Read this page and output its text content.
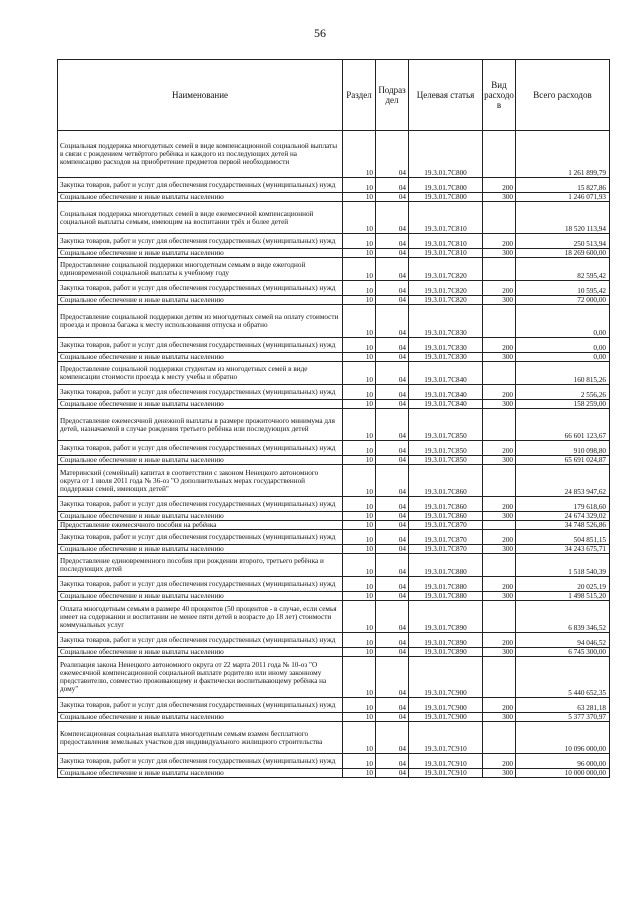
56
Наименование	Раздел	Подраз дел	Целевая статья	Вид расходо в	Всего расходов
Социальная поддержка многодетных семей в виде компенсационной социальной выплаты в связи с рождением четвёртого ребёнка и каждого из последующих детей на компенсацию расходов на приобретение предметов первой необходимости	10	04	19.3.01.7С800		1 261 899,79
Закупка товаров, работ и услуг для обеспечения государственных (муниципальных) нужд	10	04	19.3.01.7С800	200	15 827,86
Социальное обеспечение и иные выплаты населению	10	04	19.3.01.7С800	300	1 246 071,93
Социальная поддержка многодетных семей в виде ежемесячной компенсационной социальной выплаты семьям, имеющим на воспитании трёх и более детей	10	04	19.3.01.7С810		18 520 113,94
Закупка товаров, работ и услуг для обеспечения государственных (муниципальных) нужд	10	04	19.3.01.7С810	200	250 513,94
Социальное обеспечение и иные выплаты населению	10	04	19.3.01.7С810	300	18 269 600,00
Предоставление социальной поддержки многодетным семьям в виде ежегодной единовременной социальной выплаты к учебному году	10	04	19.3.01.7С820		82 595,42
Закупка товаров, работ и услуг для обеспечения государственных (муниципальных) нужд	10	04	19.3.01.7С820	200	10 595,42
Социальное обеспечение и иные выплаты населению	10	04	19.3.01.7С820	300	72 000,00
Предоставление социальной поддержки детям из многодетных семей на оплату стоимости проезда и провоза багажа к месту использования отпуска и обратно	10	04	19.3.01.7С830		0,00
Закупка товаров, работ и услуг для обеспечения государственных (муниципальных) нужд	10	04	19.3.01.7С830	200	0,00
Социальное обеспечение и иные выплаты населению	10	04	19.3.01.7С830	300	0,00
Предоставление социальной поддержки студентам из многодетных семей в виде компенсации стоимости проезда к месту учебы и обратно	10	04	19.3.01.7С840		160 815,26
Закупка товаров, работ и услуг для обеспечения государственных (муниципальных) нужд	10	04	19.3.01.7С840	200	2 556,26
Социальное обеспечение и иные выплаты населению	10	04	19.3.01.7С840	300	158 259,00
Предоставление ежемесячной денежной выплаты в размере прожиточного минимума для детей, назначаемой в случае рождения третьего ребёнка или последующих детей	10	04	19.3.01.7С850		66 601 123,67
Закупка товаров, работ и услуг для обеспечения государственных (муниципальных) нужд	10	04	19.3.01.7С850	200	910 098,80
Социальное обеспечение и иные выплаты населению	10	04	19.3.01.7С850	300	65 691 024,87
Материнский (семейный) капитал в соответствии с законом Ненецкого автономного округа от 1 июля 2011 года № 36-оз "О дополнительных мерах государственной поддержки семей, имеющих детей"	10	04	19.3.01.7С860		24 853 947,62
Закупка товаров, работ и услуг для обеспечения государственных (муниципальных) нужд	10	04	19.3.01.7С860	200	179 618,60
Социальное обеспечение и иные выплаты населению	10	04	19.3.01.7С860	300	24 674 329,02
Предоставление ежемесячного пособия на ребёнка	10	04	19.3.01.7С870		34 748 526,86
Закупка товаров, работ и услуг для обеспечения государственных (муниципальных) нужд	10	04	19.3.01.7С870	200	504 851,15
Социальное обеспечение и иные выплаты населению	10	04	19.3.01.7С870	300	34 243 675,71
Предоставление единовременного пособия при рождении второго, третьего ребёнка и последующих детей	10	04	19.3.01.7С880		1 518 540,39
Закупка товаров, работ и услуг для обеспечения государственных (муниципальных) нужд	10	04	19.3.01.7С880	200	20 025,19
Социальное обеспечение и иные выплаты населению	10	04	19.3.01.7С880	300	1 498 515,20
Оплата многодетным семьям в размере 40 процентов (50 процентов - в случае, если семья имеет на содержании и воспитании не менее пяти детей в возрасте до 18 лет) стоимости коммунальных услуг	10	04	19.3.01.7С890		6 839 346,52
Закупка товаров, работ и услуг для обеспечения государственных (муниципальных) нужд	10	04	19.3.01.7С890	200	94 046,52
Социальное обеспечение и иные выплаты населению	10	04	19.3.01.7С890	300	6 745 300,00
Реализация закона Ненецкого автономного округа от 22 марта 2011 года № 10-оз "О ежемесячной компенсационной социальной выплате родителю или иному законному представителю, совместно проживающему и фактически воспитывающему ребёнка на дому"	10	04	19.3.01.7С900		5 440 652,35
Закупка товаров, работ и услуг для обеспечения государственных (муниципальных) нужд	10	04	19.3.01.7С900	200	63 281,18
Социальное обеспечение и иные выплаты населению	10	04	19.3.01.7С900	300	5 377 370,97
Компенсационная социальная выплата многодетным семьям взамен бесплатного предоставления земельных участков для индивидуального жилищного строительства	10	04	19.3.01.7С910		10 096 000,00
Закупка товаров, работ и услуг для обеспечения государственных (муниципальных) нужд	10	04	19.3.01.7С910	200	96 000,00
Социальное обеспечение и иные выплаты населению	10	04	19.3.01.7С910	300	10 000 000,00
